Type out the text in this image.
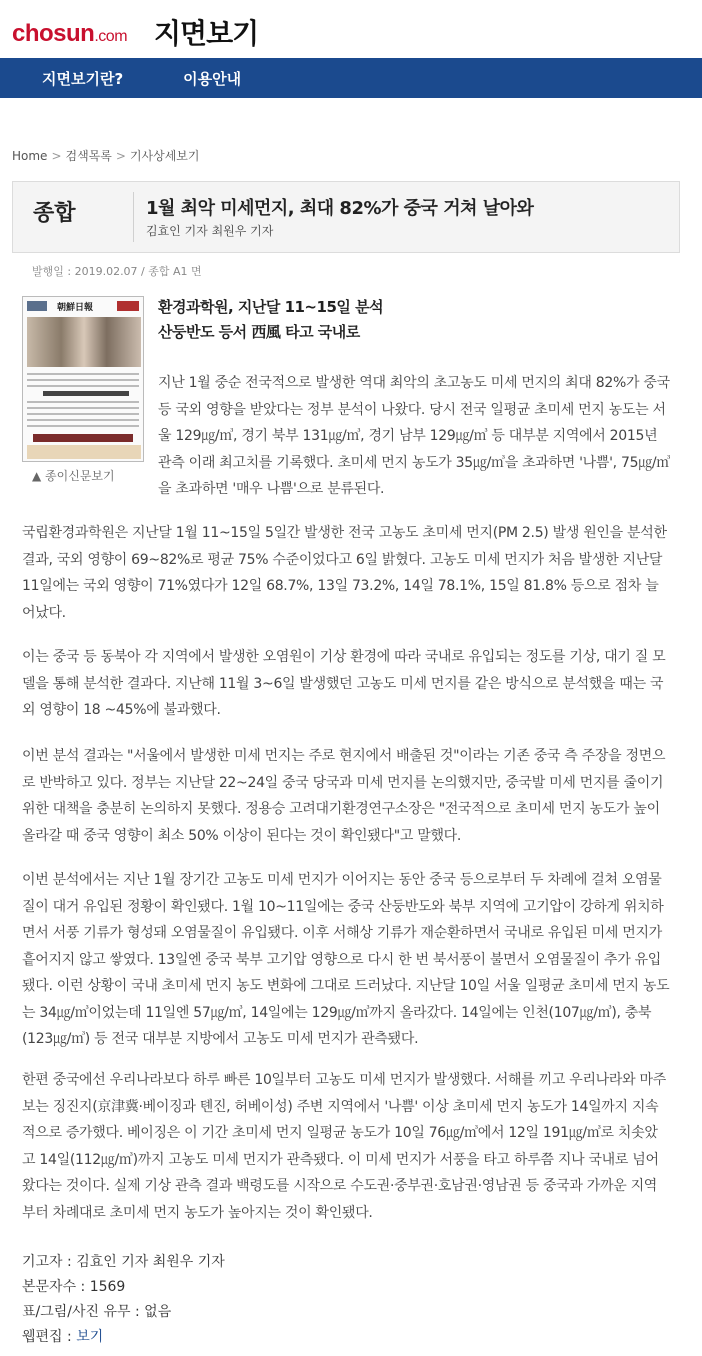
chosun.com 지면보기
지면보기란?	이용안내
Home > 검색목록 > 기사상세보기
종합	1월 최악 미세먼지, 최대 82%가 중국 거쳐 날아와
김효인 기자 최원우 기자
발행일 : 2019.02.07 / 종합 A1 면
朝鮮日報
▲ 종이신문보기
환경과학원, 지난달 11~15일 분석
산둥반도 등서 西風 타고 국내로
지난 1월 중순 전국적으로 발생한 역대 최악의 초고농도 미세 먼지의 최대 82%가 중국 등 국외 영향을 받았다는 정부 분석이 나왔다. 당시 전국 일평균 초미세 먼지 농도는 서울 129㎍/㎥, 경기 북부 131㎍/㎥, 경기 남부 129㎍/㎥ 등 대부분 지역에서 2015년 관측 이래 최고치를 기록했다. 초미세 먼지 농도가 35㎍/㎥을 초과하면 '나쁨', 75㎍/㎥을 초과하면 '매우 나쁨'으로 분류된다.
국립환경과학원은 지난달 1월 11~15일 5일간 발생한 전국 고농도 초미세 먼지(PM 2.5) 발생 원인을 분석한 결과, 국외 영향이 69~82%로 평균 75% 수준이었다고 6일 밝혔다. 고농도 미세 먼지가 처음 발생한 지난달 11일에는 국외 영향이 71%였다가 12일 68.7%, 13일 73.2%, 14일 78.1%, 15일 81.8% 등으로 점차 늘어났다.
이는 중국 등 동북아 각 지역에서 발생한 오염원이 기상 환경에 따라 국내로 유입되는 정도를 기상, 대기 질 모델을 통해 분석한 결과다. 지난해 11월 3~6일 발생했던 고농도 미세 먼지를 같은 방식으로 분석했을 때는 국외 영향이 18 ~45%에 불과했다.
이번 분석 결과는 "서울에서 발생한 미세 먼지는 주로 현지에서 배출된 것"이라는 기존 중국 측 주장을 정면으로 반박하고 있다. 정부는 지난달 22~24일 중국 당국과 미세 먼지를 논의했지만, 중국발 미세 먼지를 줄이기 위한 대책을 충분히 논의하지 못했다. 정용승 고려대기환경연구소장은 "전국적으로 초미세 먼지 농도가 높이 올라갈 때 중국 영향이 최소 50% 이상이 된다는 것이 확인됐다"고 말했다.
이번 분석에서는 지난 1월 장기간 고농도 미세 먼지가 이어지는 동안 중국 등으로부터 두 차례에 걸쳐 오염물질이 대거 유입된 정황이 확인됐다. 1월 10~11일에는 중국 산둥반도와 북부 지역에 고기압이 강하게 위치하면서 서풍 기류가 형성돼 오염물질이 유입됐다. 이후 서해상 기류가 재순환하면서 국내로 유입된 미세 먼지가 흩어지지 않고 쌓였다. 13일엔 중국 북부 고기압 영향으로 다시 한 번 북서풍이 불면서 오염물질이 추가 유입됐다. 이런 상황이 국내 초미세 먼지 농도 변화에 그대로 드러났다. 지난달 10일 서울 일평균 초미세 먼지 농도는 34㎍/㎥이었는데 11일엔 57㎍/㎥, 14일에는 129㎍/㎥까지 올라갔다. 14일에는 인천(107㎍/㎥), 충북(123㎍/㎥) 등 전국 대부분 지방에서 고농도 미세 먼지가 관측됐다.
한편 중국에선 우리나라보다 하루 빠른 10일부터 고농도 미세 먼지가 발생했다. 서해를 끼고 우리나라와 마주 보는 징진지(京津冀·베이징과 톈진, 허베이성) 주변 지역에서 '나쁨' 이상 초미세 먼지 농도가 14일까지 지속적으로 증가했다. 베이징은 이 기간 초미세 먼지 일평균 농도가 10일 76㎍/㎥에서 12일 191㎍/㎥로 치솟았고 14일(112㎍/㎥)까지 고농도 미세 먼지가 관측됐다. 이 미세 먼지가 서풍을 타고 하루쯤 지나 국내로 넘어왔다는 것이다. 실제 기상 관측 결과 백령도를 시작으로 수도권·중부권·호남권·영남권 등 중국과 가까운 지역부터 차례대로 초미세 먼지 농도가 높아지는 것이 확인됐다.
기고자 : 김효인 기자 최원우 기자
본문자수 : 1569
표/그림/사진 유무 : 없음
웹편집 : 보기
